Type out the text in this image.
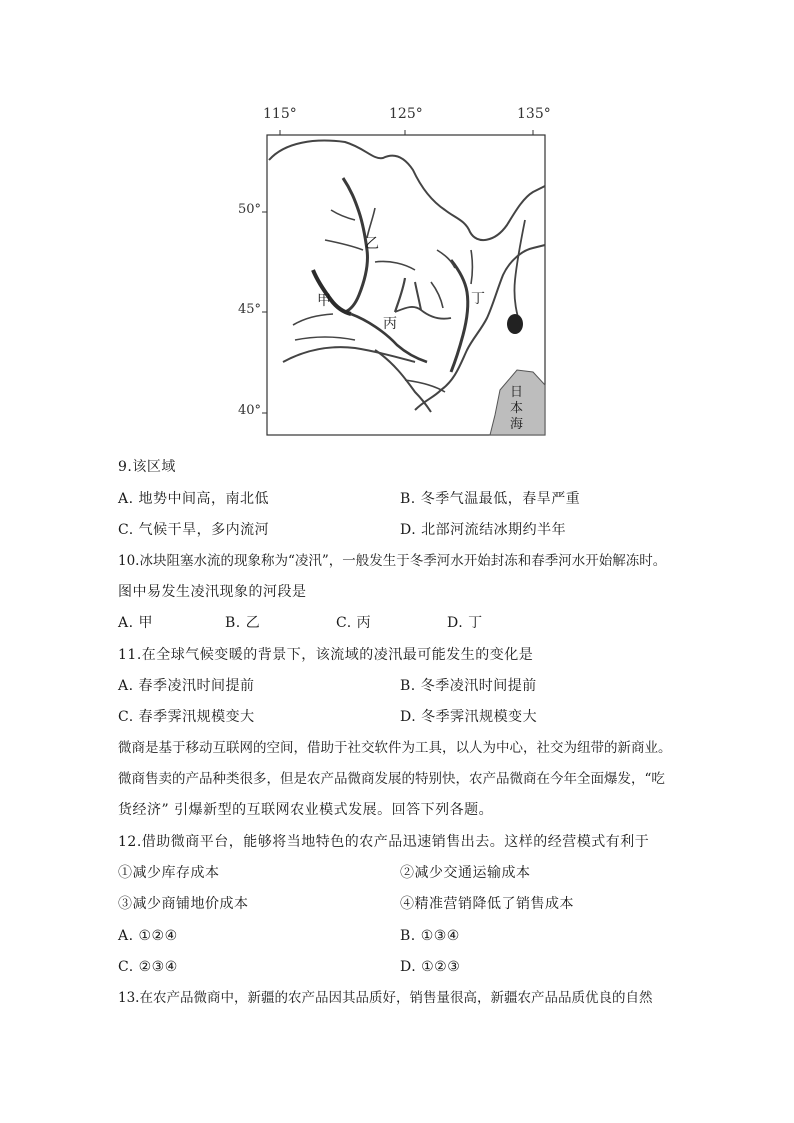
115°	125°	135°
50°
45°
40°
乙
甲
丙
丁
日本海
9.该区域
A. 地势中间高，南北低	B. 冬季气温最低，春旱严重
C. 气候干旱，多内流河	D. 北部河流结冰期约半年
10.冰块阻塞水流的现象称为“凌汛”，一般发生于冬季河水开始封冻和春季河水开始解冻时。
图中易发生凌汛现象的河段是
A. 甲	B. 乙	C. 丙	D. 丁
11.在全球气候变暖的背景下，该流域的凌汛最可能发生的变化是
A. 春季凌汛时间提前	B. 冬季凌汛时间提前
C. 春季霁汛规模变大	D. 冬季霁汛规模变大
微商是基于移动互联网的空间，借助于社交软件为工具，以人为中心，社交为纽带的新商业。
微商售卖的产品种类很多，但是农产品微商发展的特别快，农产品微商在今年全面爆发，“吃
货经济” 引爆新型的互联网农业模式发展。回答下列各题。
12.借助微商平台，能够将当地特色的农产品迅速销售出去。这样的经营模式有利于
①减少库存成本	②减少交通运输成本
③减少商铺地价成本	④精准营销降低了销售成本
A. ①②④	B. ①③④
C. ②③④	D. ①②③
13.在农产品微商中，新疆的农产品因其品质好，销售量很高，新疆农产品品质优良的自然
